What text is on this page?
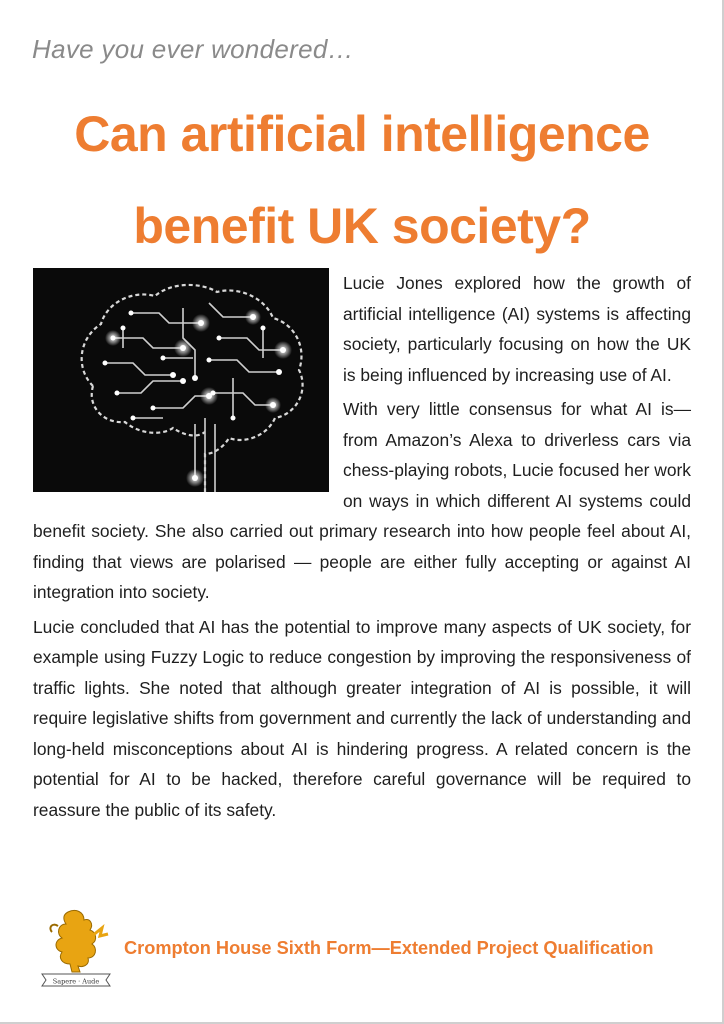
Have you ever wondered…
Can artificial intelligence
benefit UK society?

Lucie Jones explored how the growth of artificial intelligence (AI) systems is affecting society, particularly focusing on how the UK is being influenced by increasing use of AI.

With very little consensus for what AI is—from Amazon’s Alexa to driverless cars via chess-playing robots, Lucie focused her work on ways in which different AI systems could benefit society. She also carried out primary research into how people feel about AI, finding that views are polarised — people are either fully accepting or against AI integration into society.

Lucie concluded that AI has the potential to improve many aspects of UK society, for example using Fuzzy Logic to reduce congestion by improving the responsiveness of traffic lights. She noted that although greater integration of AI is possible, it will require legislative shifts from government and currently the lack of understanding and long-held misconceptions about AI is hindering progress. A related concern is the potential for AI to be hacked, therefore careful governance will be required to reassure the public of its safety.

Sapere · Aude
Crompton House Sixth Form—Extended Project Qualification
